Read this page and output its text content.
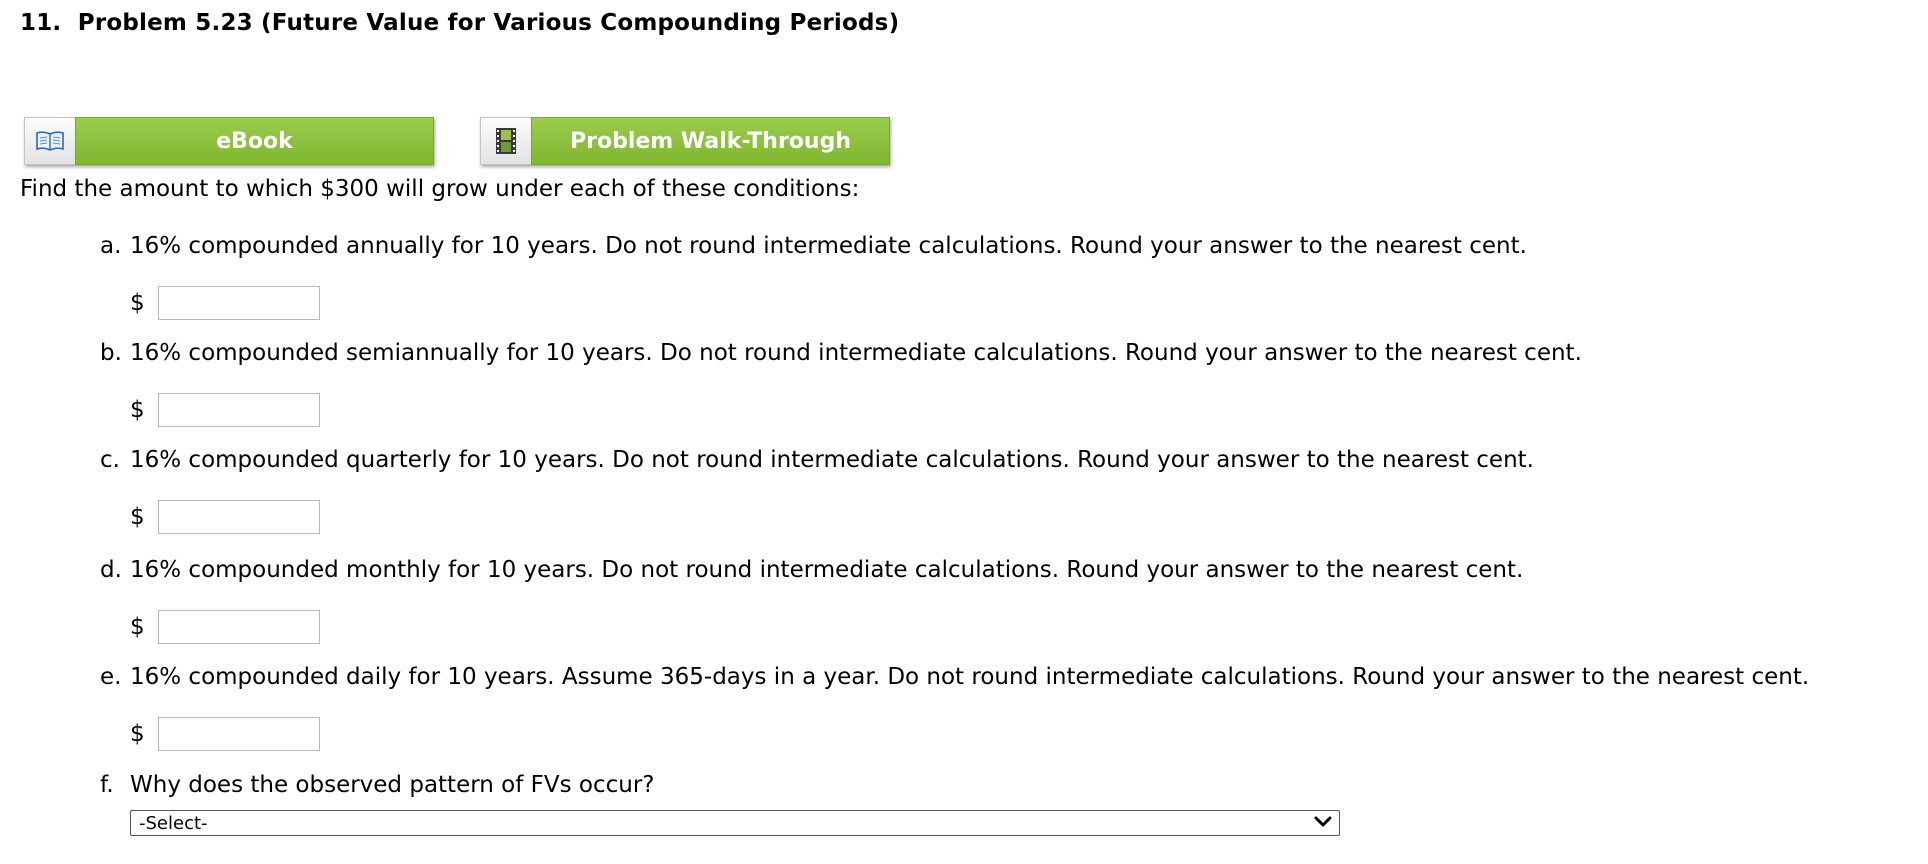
11. Problem 5.23 (Future Value for Various Compounding Periods)
eBook	Problem Walk-Through
Find the amount to which $300 will grow under each of these conditions:
a. 16% compounded annually for 10 years. Do not round intermediate calculations. Round your answer to the nearest cent.
$
b. 16% compounded semiannually for 10 years. Do not round intermediate calculations. Round your answer to the nearest cent.
$
c. 16% compounded quarterly for 10 years. Do not round intermediate calculations. Round your answer to the nearest cent.
$
d. 16% compounded monthly for 10 years. Do not round intermediate calculations. Round your answer to the nearest cent.
$
e. 16% compounded daily for 10 years. Assume 365-days in a year. Do not round intermediate calculations. Round your answer to the nearest cent.
$
f. Why does the observed pattern of FVs occur?
-Select-
